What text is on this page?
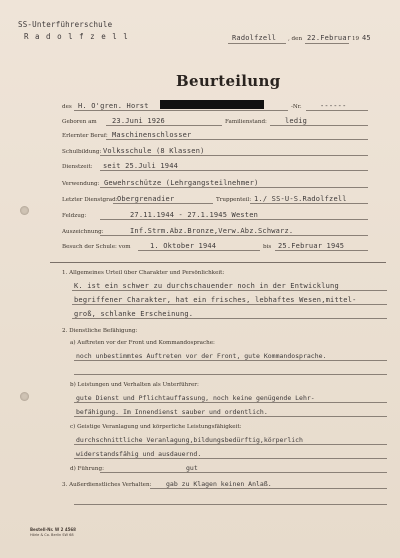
SS-Unterführerschule
R a d o l f z e l l	Radolfzell , den 22.Februar 19 45
Beurteilung
des H. O'gren. Horst	-Nr.	------
Geboren am 23.Juni 1926	Familienstand:	ledig
Erlernter Beruf: Maschinenschlosser
Schulbildung: Volksschule (8 Klassen)
Dienstzeit: seit 25.Juli 1944
Verwendung: Gewehrschütze (Lehrgangsteilnehmer)
Letzter Dienstgrad: Obergrenadier	Truppenteil: 1./ SS-U-S.Radolfzell
Feldzug:	27.11.1944 - 27.1.1945 Westen
Auszeichnung:	Inf.Strm.Abz.Bronze,Verw.Abz.Schwarz.
Besuch der Schule: vom	1. Oktober 1944	bis 25.Februar 1945
1. Allgemeines Urteil über Charakter und Persönlichkeit:
K. ist ein schwer zu durchschauender noch in der Entwicklung
begriffener Charakter, hat ein frisches, lebhaftes Wesen,mittel-
groß, schlanke Erscheinung.
2. Dienstliche Befähigung:
a) Auftreten vor der Front und Kommandosprache:
noch unbestimmtes Auftreten vor der Front, gute Kommandosprache.
b) Leistungen und Verhalten als Unterführer:
gute Dienst und Pflichtauffassung, noch keine genügende Lehr-
befähigung. Im Innendienst sauber und ordentlich.
c) Geistige Veranlagung und körperliche Leistungsfähigkeit:
durchschnittliche Veranlagung,bildungsbedürftig,körperlich
widerstandsfähig und ausdauernd.
d) Führung:	gut
3. Außerdienstliches Verhalten: gab zu Klagen keinen Anlaß.
Bestell-Nr. W 2 4568
Hörle & Co. Berlin SW 68
